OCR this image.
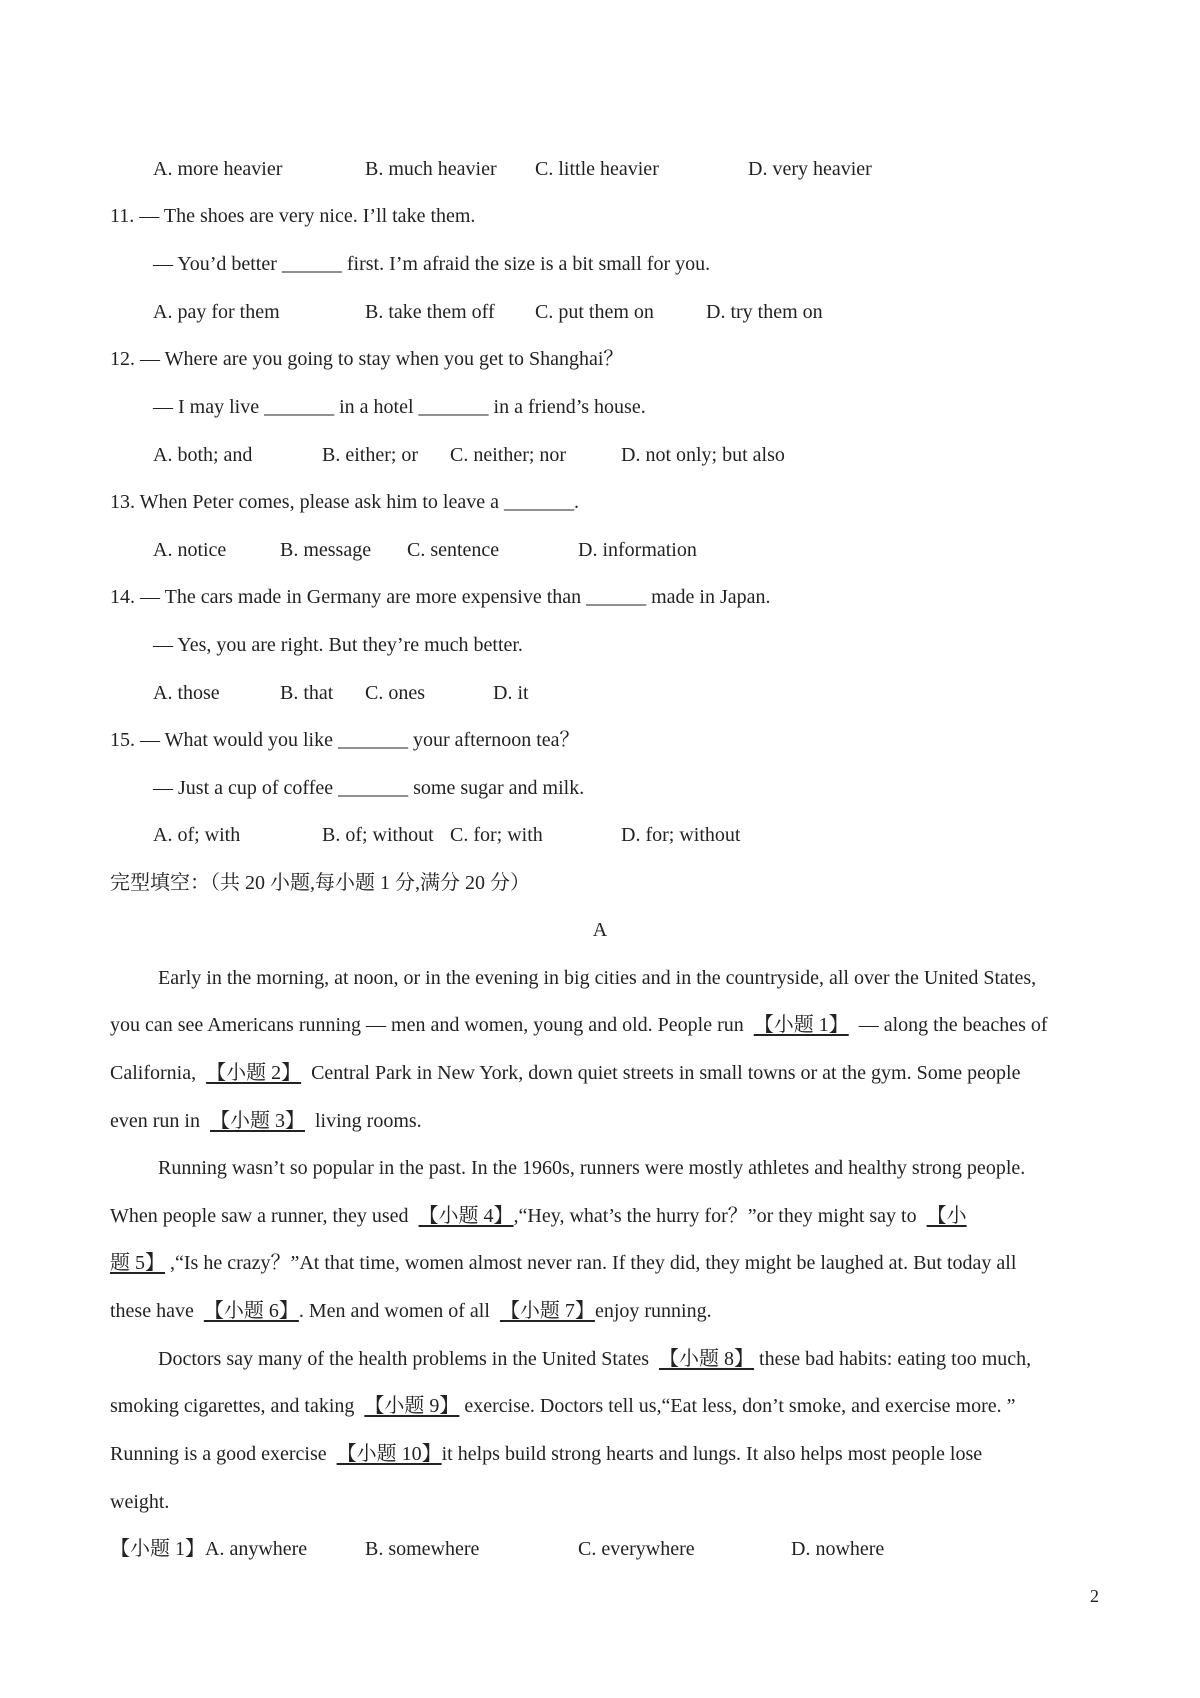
A. more heavier	B. much heavier C. little heavier	D. very heavier
11. — The shoes are very nice. I’ll take them.
— You’d better ______ first. I’m afraid the size is a bit small for you.
A. pay for them	B. take them off C. put them on	D. try them on
12. — Where are you going to stay when you get to Shanghai？
— I may live _______ in a hotel _______ in a friend’s house.
A. both; and	B. either; or C. neither; nor	D. not only; but also
13. When Peter comes, please ask him to leave a _______.
A. notice	B. message C. sentence	D. information
14. — The cars made in Germany are more expensive than ______ made in Japan.
— Yes, you are right. But they’re much better.
A. those	B. that C. ones	D. it
15. — What would you like _______ your afternoon tea？
— Just a cup of coffee _______ some sugar and milk.
A. of; with	B. of; without C. for; with	D. for; without
完型填空：（共 20 小题,每小题 1 分,满分 20 分）
A
Early in the morning, at noon, or in the evening in big cities and in the countryside, all over the United States,
you can see Americans running — men and women, young and old. People run 【小题 1】 — along the beaches of
California, 【小题 2】 Central Park in New York, down quiet streets in small towns or at the gym. Some people
even run in 【小题 3】 living rooms.
Running wasn’t so popular in the past. In the 1960s, runners were mostly athletes and healthy strong people.
When people saw a runner, they used 【小题 4】,“Hey, what’s the hurry for？”or they might say to 【小
题 5】 ,“Is he crazy？”At that time, women almost never ran. If they did, they might be laughed at. But today all
these have 【小题 6】. Men and women of all 【小题 7】enjoy running.
Doctors say many of the health problems in the United States 【小题 8】 these bad habits: eating too much,
smoking cigarettes, and taking 【小题 9】 exercise. Doctors tell us,“Eat less, don’t smoke, and exercise more. ”
Running is a good exercise 【小题 10】it helps build strong hearts and lungs. It also helps most people lose
weight.
【小题 1】A. anywhere	B. somewhere	C. everywhere	D. nowhere
2
